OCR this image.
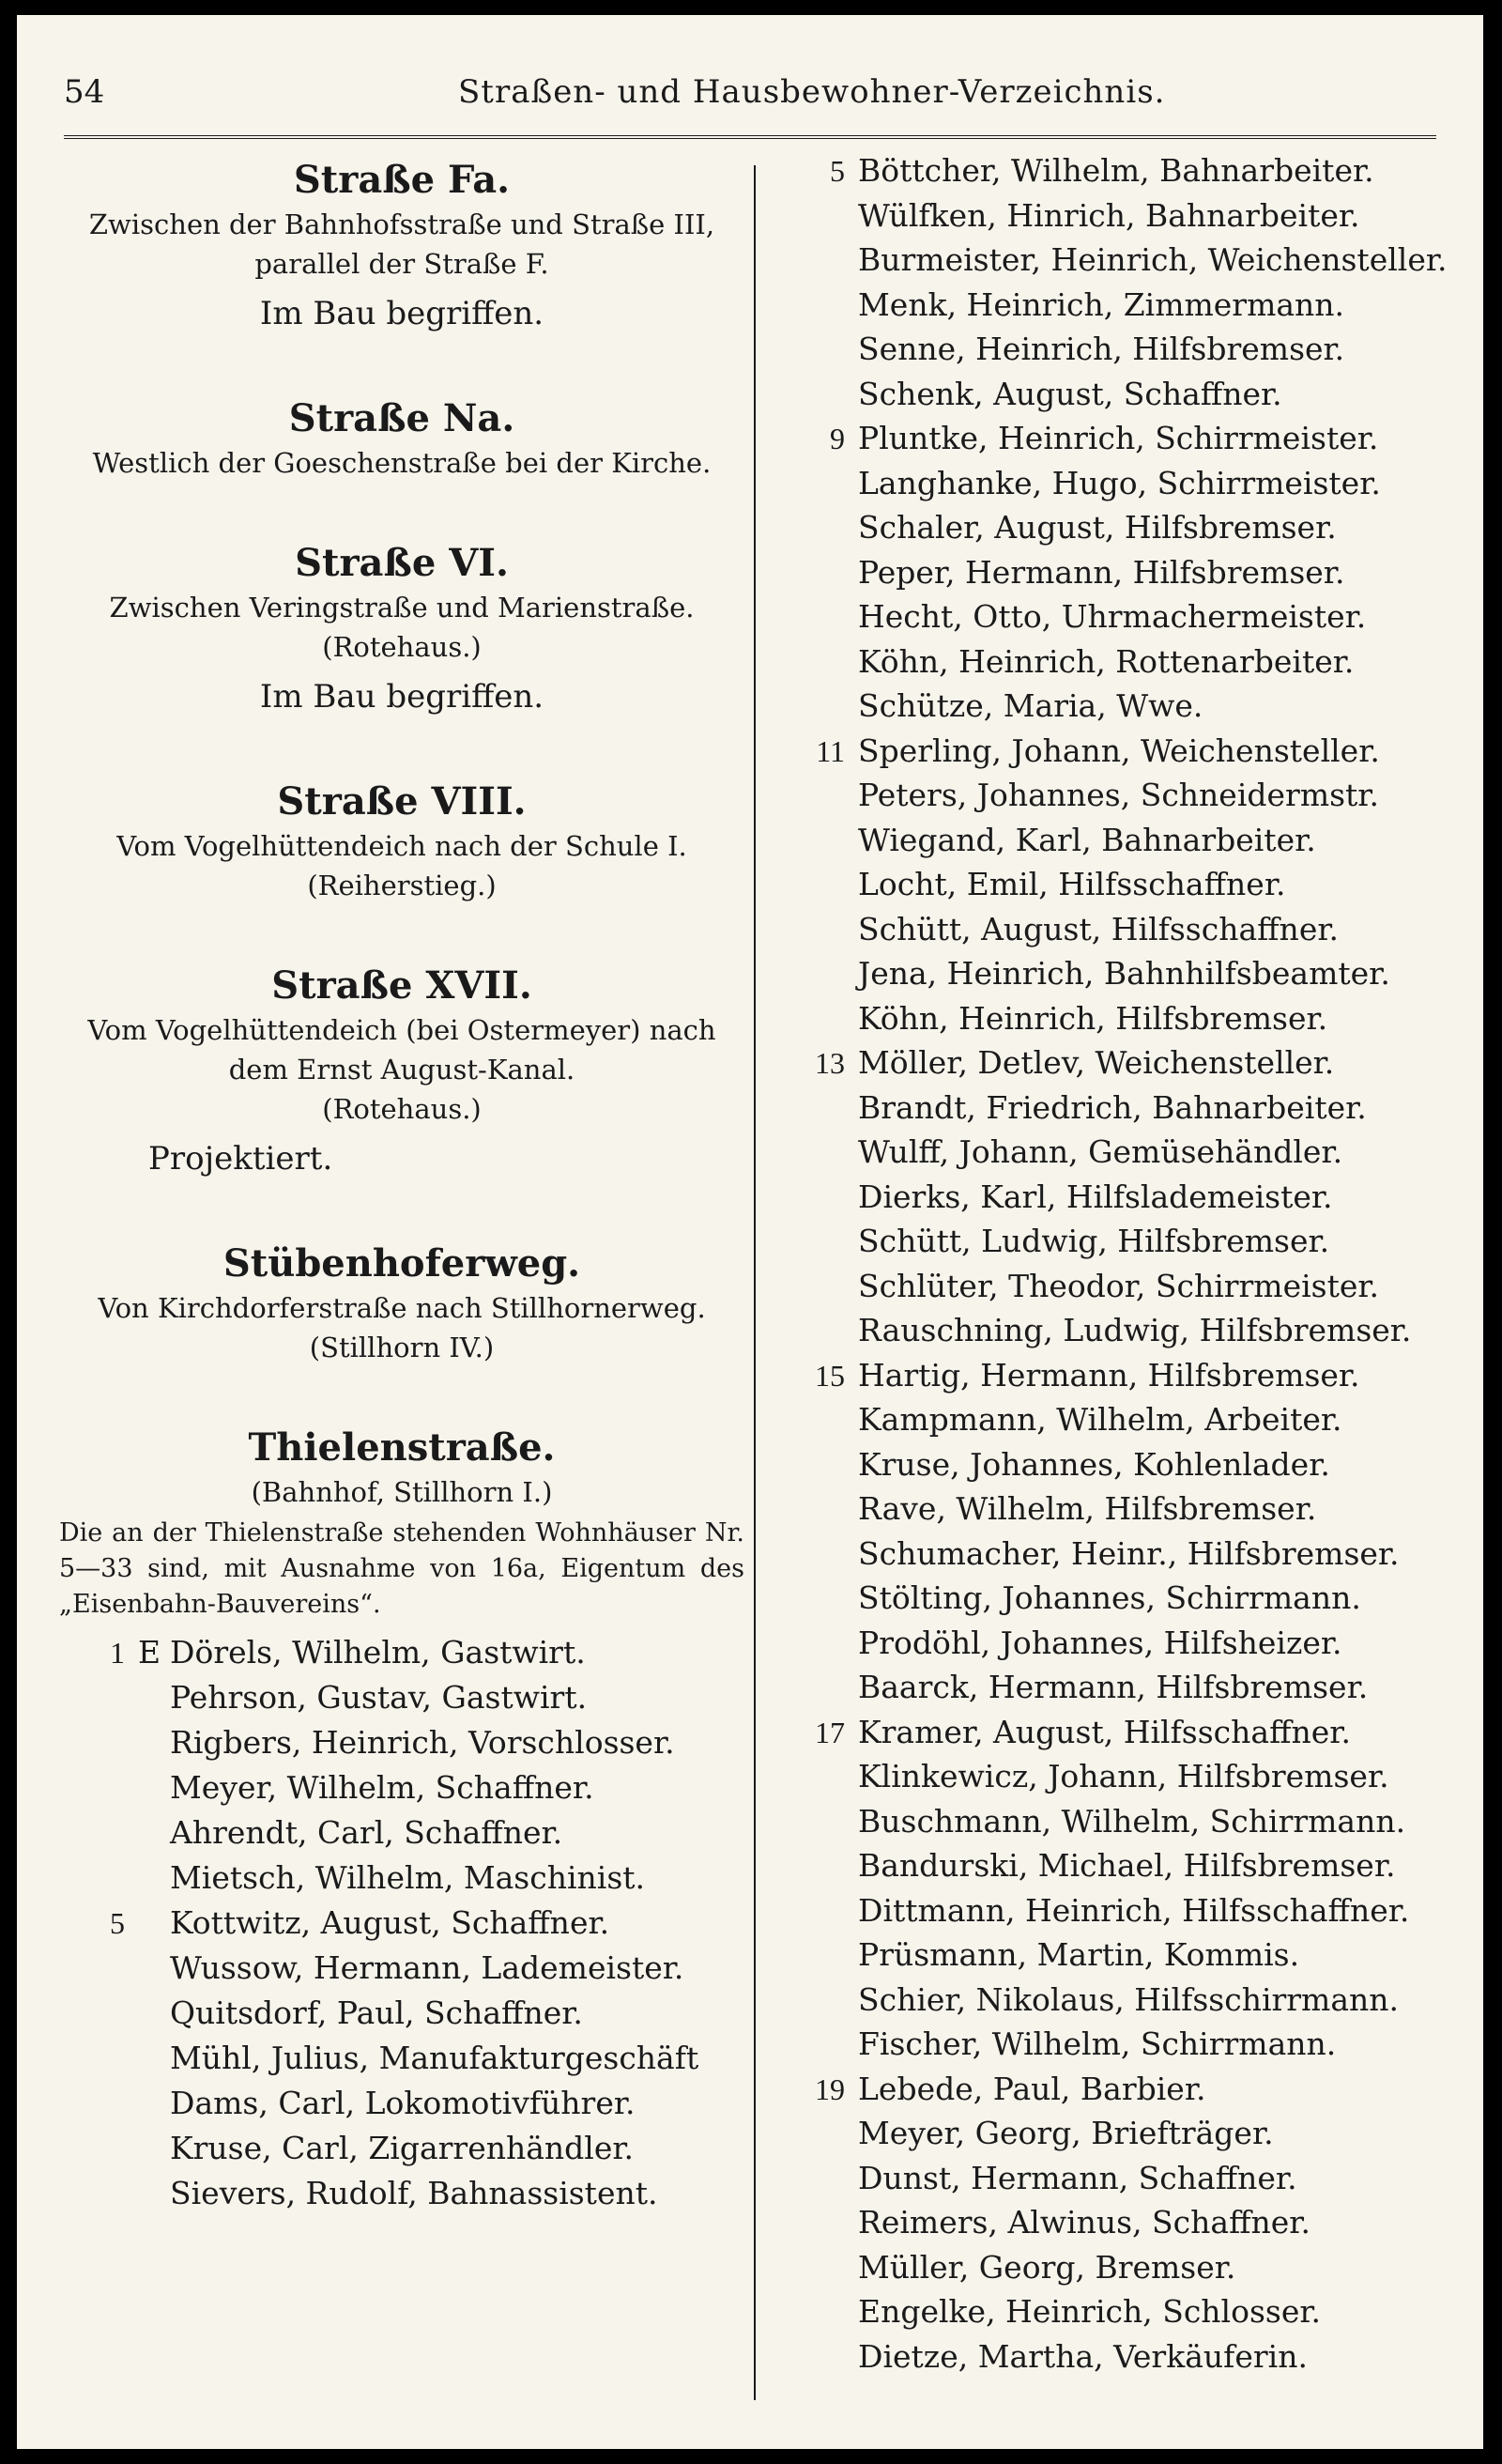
54	Straßen- und Hausbewohner-Verzeichnis.

Straße Fa.

Zwischen der Bahnhofsstraße und Straße III,

parallel der Straße F.

Im Bau begriffen.

Straße Na.

Westlich der Goeschenstraße bei der Kirche.

Straße VI.

Zwischen Veringstraße und Marienstraße.

(Rotehaus.)

Im Bau begriffen.

Straße VIII.

Vom Vogelhüttendeich nach der Schule I.

(Reiherstieg.)

Straße XVII.

Vom Vogelhüttendeich (bei Ostermeyer) nach

dem Ernst August-Kanal.

(Rotehaus.)

Projektiert.

Stübenhoferweg.

Von Kirchdorferstraße nach Stillhornerweg.

(Stillhorn IV.)

Thielenstraße.

(Bahnhof, Stillhorn I.)

Die an der Thielenstraße stehenden Wohnhäuser Nr. 5—33 sind, mit Ausnahme von 16a, Eigentum des „Eisenbahn-Bauvereins“.

1 E Dörels, Wilhelm, Gastwirt.
Pehrson, Gustav, Gastwirt.
Rigbers, Heinrich, Vorschlosser.
Meyer, Wilhelm, Schaffner.
Ahrendt, Carl, Schaffner.
Mietsch, Wilhelm, Maschinist.
5	Kottwitz, August, Schaffner.
Wussow, Hermann, Lademeister.
Quitsdorf, Paul, Schaffner.
Mühl, Julius, Manufakturgeschäft
Dams, Carl, Lokomotivführer.
Kruse, Carl, Zigarrenhändler.
Sievers, Rudolf, Bahnassistent.
5 Böttcher, Wilhelm, Bahnarbeiter.
Wülfken, Hinrich, Bahnarbeiter.
Burmeister, Heinrich, Weichensteller.
Menk, Heinrich, Zimmermann.
Senne, Heinrich, Hilfsbremser.
Schenk, August, Schaffner.
9 Pluntke, Heinrich, Schirrmeister.
Langhanke, Hugo, Schirrmeister.
Schaler, August, Hilfsbremser.
Peper, Hermann, Hilfsbremser.
Hecht, Otto, Uhrmachermeister.
Köhn, Heinrich, Rottenarbeiter.
Schütze, Maria, Wwe.
11 Sperling, Johann, Weichensteller.
Peters, Johannes, Schneidermstr.
Wiegand, Karl, Bahnarbeiter.
Locht, Emil, Hilfsschaffner.
Schütt, August, Hilfsschaffner.
Jena, Heinrich, Bahnhilfsbeamter.
Köhn, Heinrich, Hilfsbremser.
13 Möller, Detlev, Weichensteller.
Brandt, Friedrich, Bahnarbeiter.
Wulff, Johann, Gemüsehändler.
Dierks, Karl, Hilfslademeister.
Schütt, Ludwig, Hilfsbremser.
Schlüter, Theodor, Schirrmeister.
Rauschning, Ludwig, Hilfsbremser.
15 Hartig, Hermann, Hilfsbremser.
Kampmann, Wilhelm, Arbeiter.
Kruse, Johannes, Kohlenlader.
Rave, Wilhelm, Hilfsbremser.
Schumacher, Heinr., Hilfsbremser.
Stölting, Johannes, Schirrmann.
Prodöhl, Johannes, Hilfsheizer.
Baarck, Hermann, Hilfsbremser.
17 Kramer, August, Hilfsschaffner.
Klinkewicz, Johann, Hilfsbremser.
Buschmann, Wilhelm, Schirrmann.
Bandurski, Michael, Hilfsbremser.
Dittmann, Heinrich, Hilfsschaffner.
Prüsmann, Martin, Kommis.
Schier, Nikolaus, Hilfsschirrmann.
Fischer, Wilhelm, Schirrmann.
19 Lebede, Paul, Barbier.
Meyer, Georg, Briefträger.
Dunst, Hermann, Schaffner.
Reimers, Alwinus, Schaffner.
Müller, Georg, Bremser.
Engelke, Heinrich, Schlosser.
Dietze, Martha, Verkäuferin.
